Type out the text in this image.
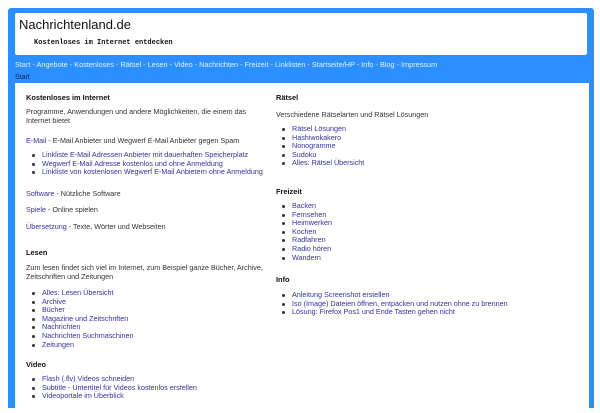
Nachrichtenland.de
Kostenloses im Internet entdecken
Start - Angebote - Kostenloses - Rätsel - Lesen - Video - Nachrichten - Freizeit - Linklisten - Startseite/HP - Info - Blog - Impressum
Start
Kostenloses im Internet

Programme, Anwendungen und andere Möglichkeiten, die einem das Internet bietet

E-Mail - E-Mail Anbieter und Wegwerf E-Mail Anbieter gegen Spam

Linkliste E-Mail Adressen Anbieter mit dauerhaften Speicherplatz
Wegwerf E-Mail Adresse kostenlos und ohne Anmeldung
Linkliste von kostenlosen Wegwerf E-Mail Anbietern ohne Anmeldung

Software - Nützliche Software

Spiele - Online spielen

Übersetzung - Texte, Wörter und Webseiten

Lesen

Zum lesen findet sich viel im Internet, zum Beispiel ganze Bücher, Archive, Zeitschriften und Zeitungen

Alles: Lesen Übersicht
Archive
Bücher
Magazine und Zeitschriften
Nachrichten
Nachrichten Suchmaschinen
Zeitungen
Video
Flash (.flv) Videos schneiden
Subtitle - Untertitel für Videos kostenlos erstellen
Videoportale im Überblick
Rätsel

Verschiedene Rätselarten und Rätsel Lösungen

Rätsel Lösungen
Hashiwokakero
Nonogramme
Sudoku
Alles: Rätsel Übersicht
Freizeit
Backen
Fernsehen
Heimwerken
Kochen
Radfahren
Radio hören
Wandern
Info
Anleitung Screenshot erstellen
Iso (Image) Dateien öffnen, entpacken und nutzen ohne zu brennen
Lösung: Firefox Pos1 und Ende Tasten gehen nicht
